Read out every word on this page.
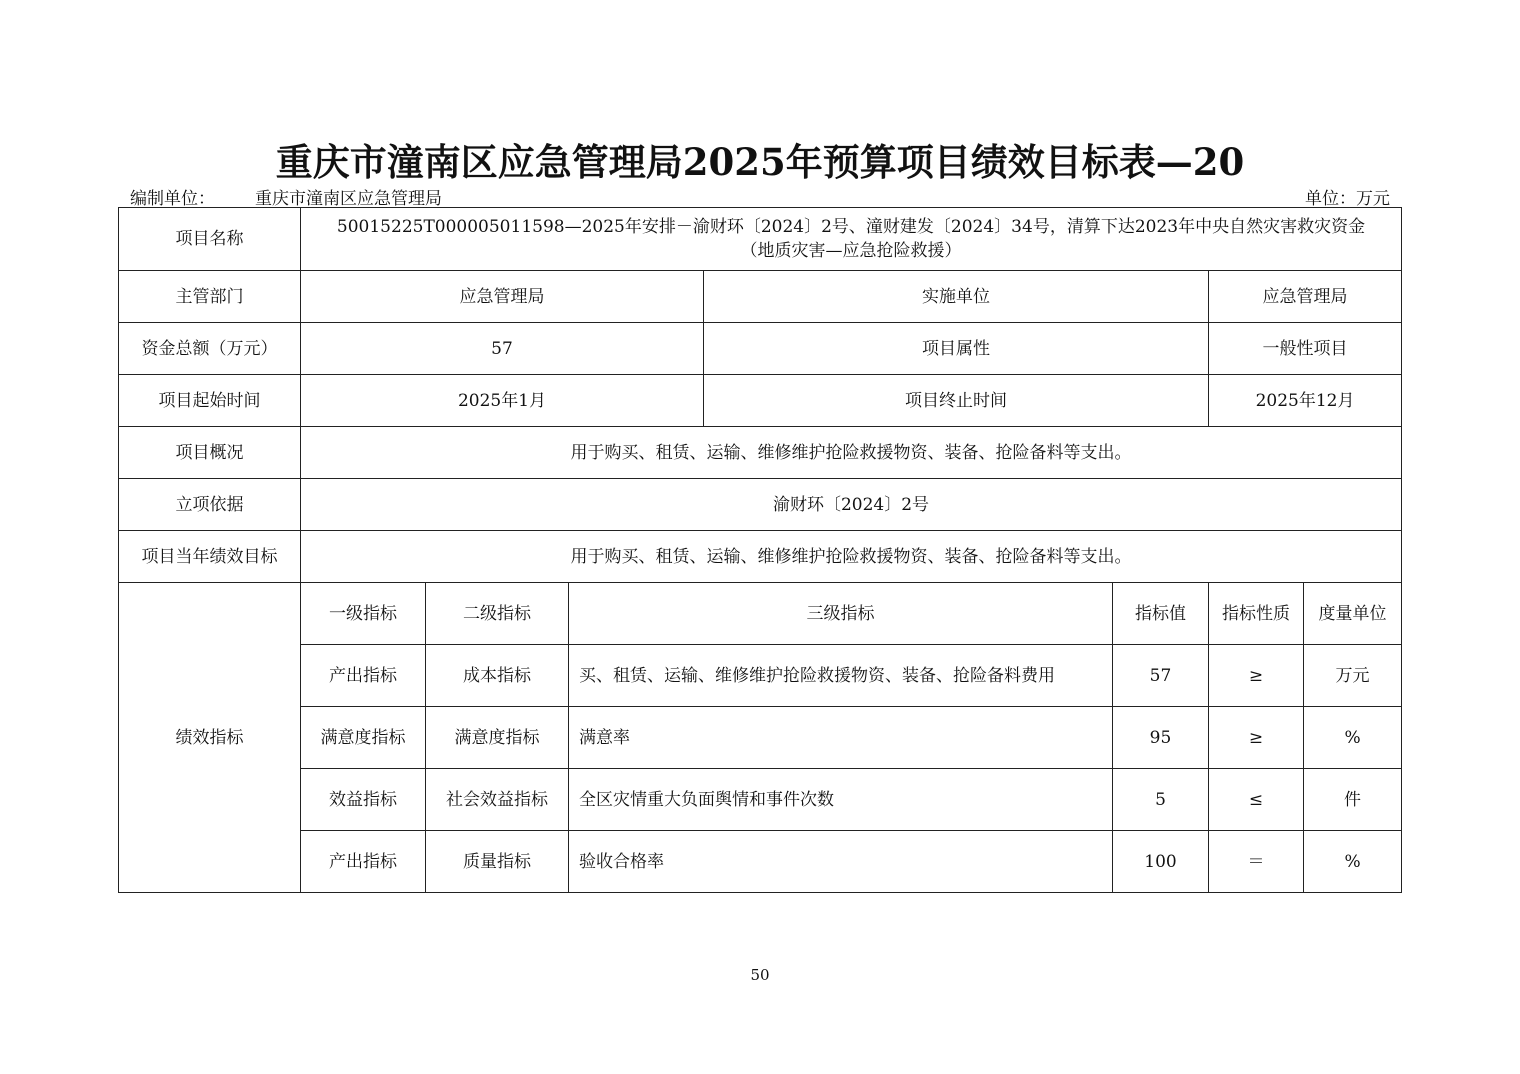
重庆市潼南区应急管理局2025年预算项目绩效目标表—20
编制单位： 重庆市潼南区应急管理局	单位：万元
项目名称	50015225T000005011598—2025年安排－渝财环〔2024〕2号、潼财建发〔2024〕34号，清算下达2023年中央自然灾害救灾资金
（地质灾害—应急抢险救援）						

主管部门	应急管理局			实施单位		应急管理局	
资金总额（万元）	57			项目属性		一般性项目	
项目起始时间	2025年1月			项目终止时间		2025年12月	
项目概况	用于购买、租赁、运输、维修维护抢险救援物资、装备、抢险备料等支出。						
立项依据	渝财环〔2024〕2号						
项目当年绩效目标	用于购买、租赁、运输、维修维护抢险救援物资、装备、抢险备料等支出。						
绩效指标	一级指标	二级指标	三级指标		指标值	指标性质	度量单位
	产出指标	成本指标	买、租赁、运输、维修维护抢险救援物资、装备、抢险备料费用		57	≥	万元
	满意度指标	满意度指标	满意率		95	≥	%
	效益指标	社会效益指标	全区灾情重大负面舆情和事件次数		5	≤	件
	产出指标	质量指标	验收合格率		100	＝	%
50
